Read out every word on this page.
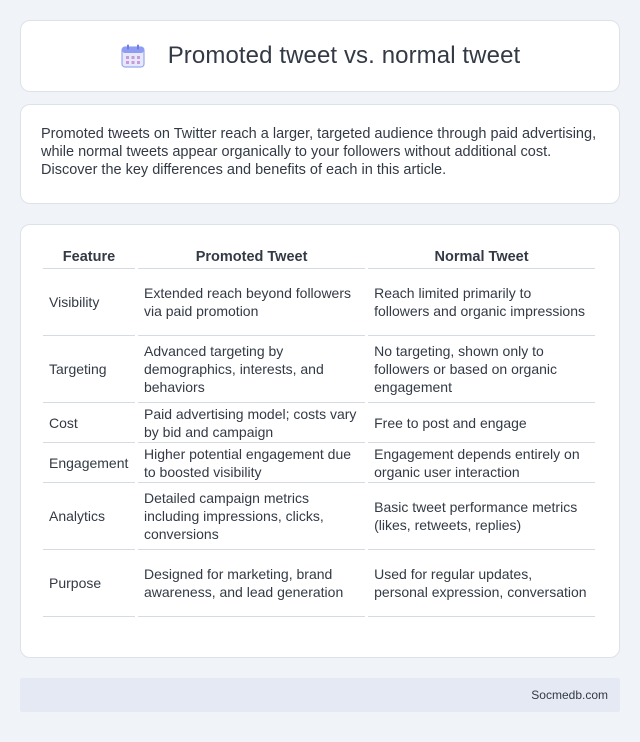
Promoted tweet vs. normal tweet

Promoted tweets on Twitter reach a larger, targeted audience through paid advertising, while normal tweets appear organically to your followers without additional cost. Discover the key differences and benefits of each in this article.

Feature	Promoted Tweet	Normal Tweet
Visibility	Extended reach beyond followers via paid promotion	Reach limited primarily to followers and organic impressions
Targeting	Advanced targeting by demographics, interests, and behaviors	No targeting, shown only to followers or based on organic engagement
Cost	Paid advertising model; costs vary by bid and campaign	Free to post and engage
Engagement	Higher potential engagement due to boosted visibility	Engagement depends entirely on organic user interaction
Analytics	Detailed campaign metrics including impressions, clicks, conversions	Basic tweet performance metrics (likes, retweets, replies)
Purpose	Designed for marketing, brand awareness, and lead generation	Used for regular updates, personal expression, conversation
Socmedb.com
